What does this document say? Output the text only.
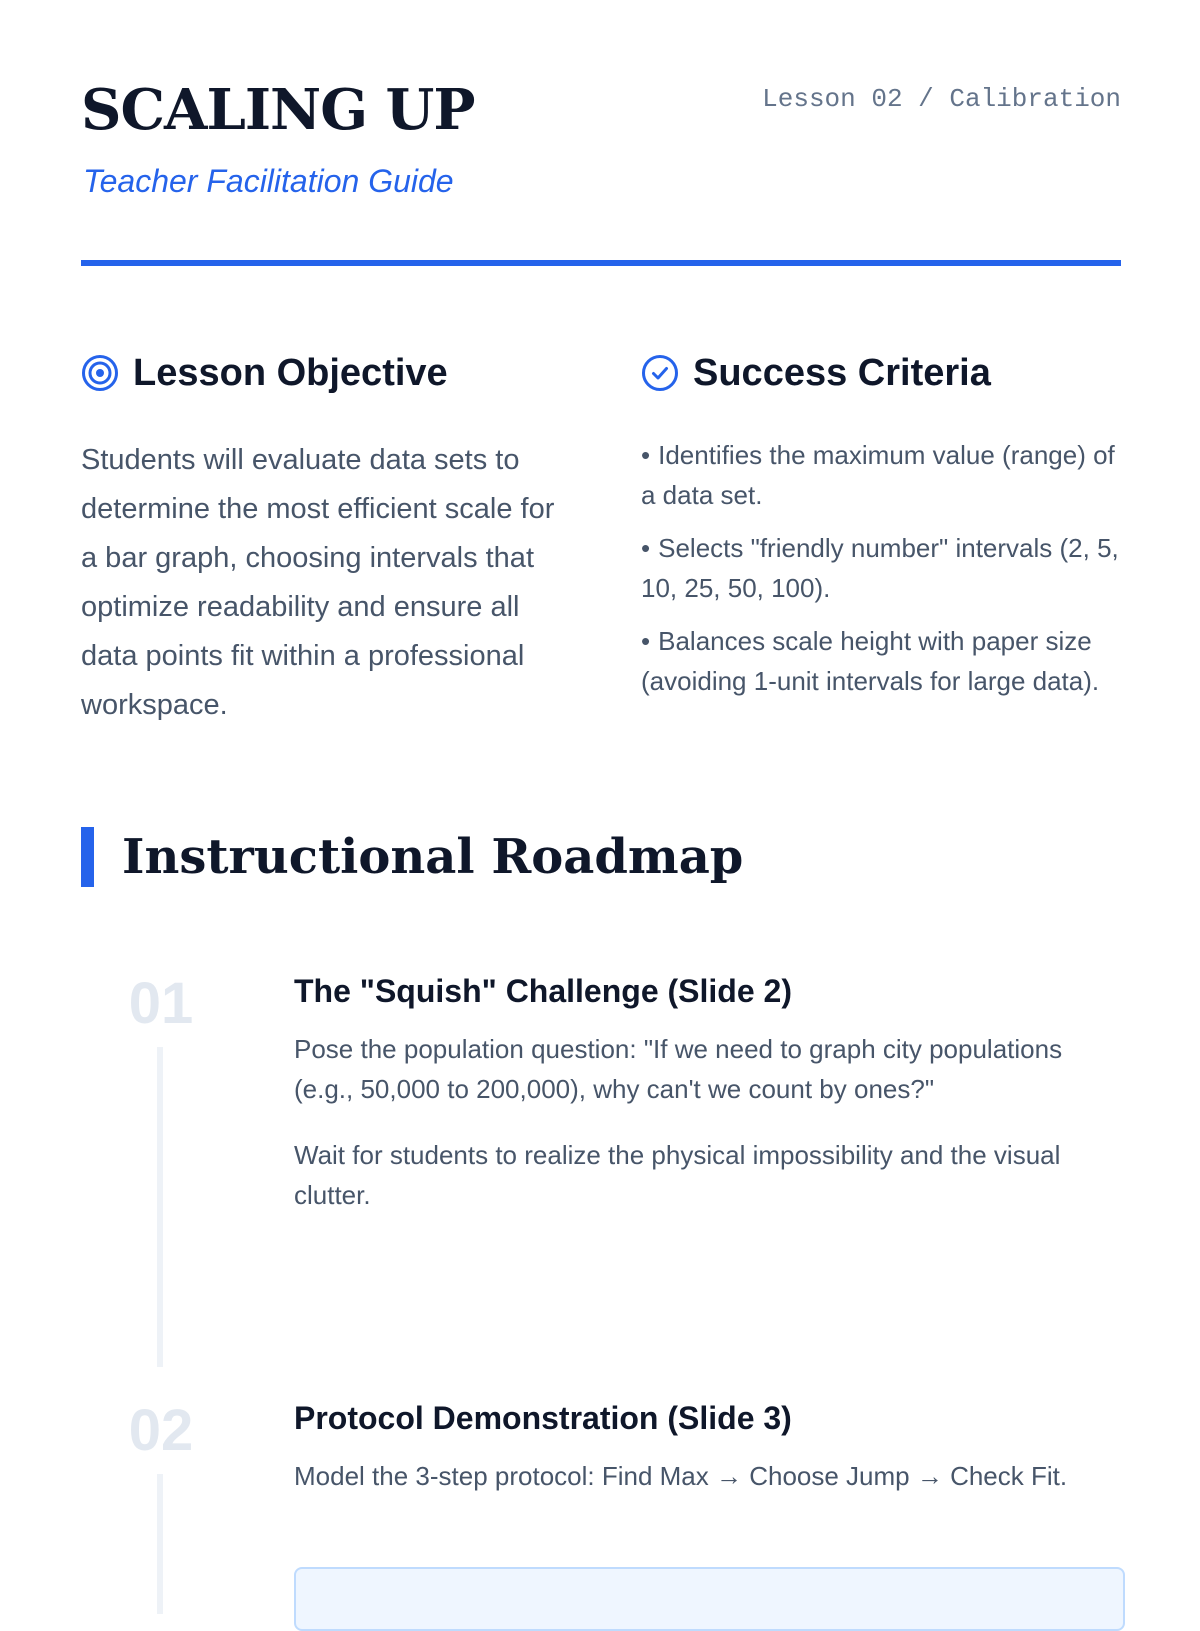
SCALING UP
Teacher Facilitation Guide
Lesson 02 / Calibration
Lesson Objective

Students will evaluate data sets to determine the most efficient scale for a bar graph, choosing intervals that optimize readability and ensure all data points fit within a professional workspace.

Success Criteria
• Identifies the maximum value (range) of a data set.
• Selects "friendly number" intervals (2, 5, 10, 25, 50, 100).
• Balances scale height with paper size (avoiding 1-unit intervals for large data).
Instructional Roadmap
01	The "Squish" Challenge (Slide 2)

Pose the population question: "If we need to graph city populations (e.g., 50,000 to 200,000), why can't we count by ones?"

Wait for students to realize the physical impossibility and the visual clutter.

02	Protocol Demonstration (Slide 3)

Model the 3-step protocol: Find Max → Choose Jump → Check Fit.
